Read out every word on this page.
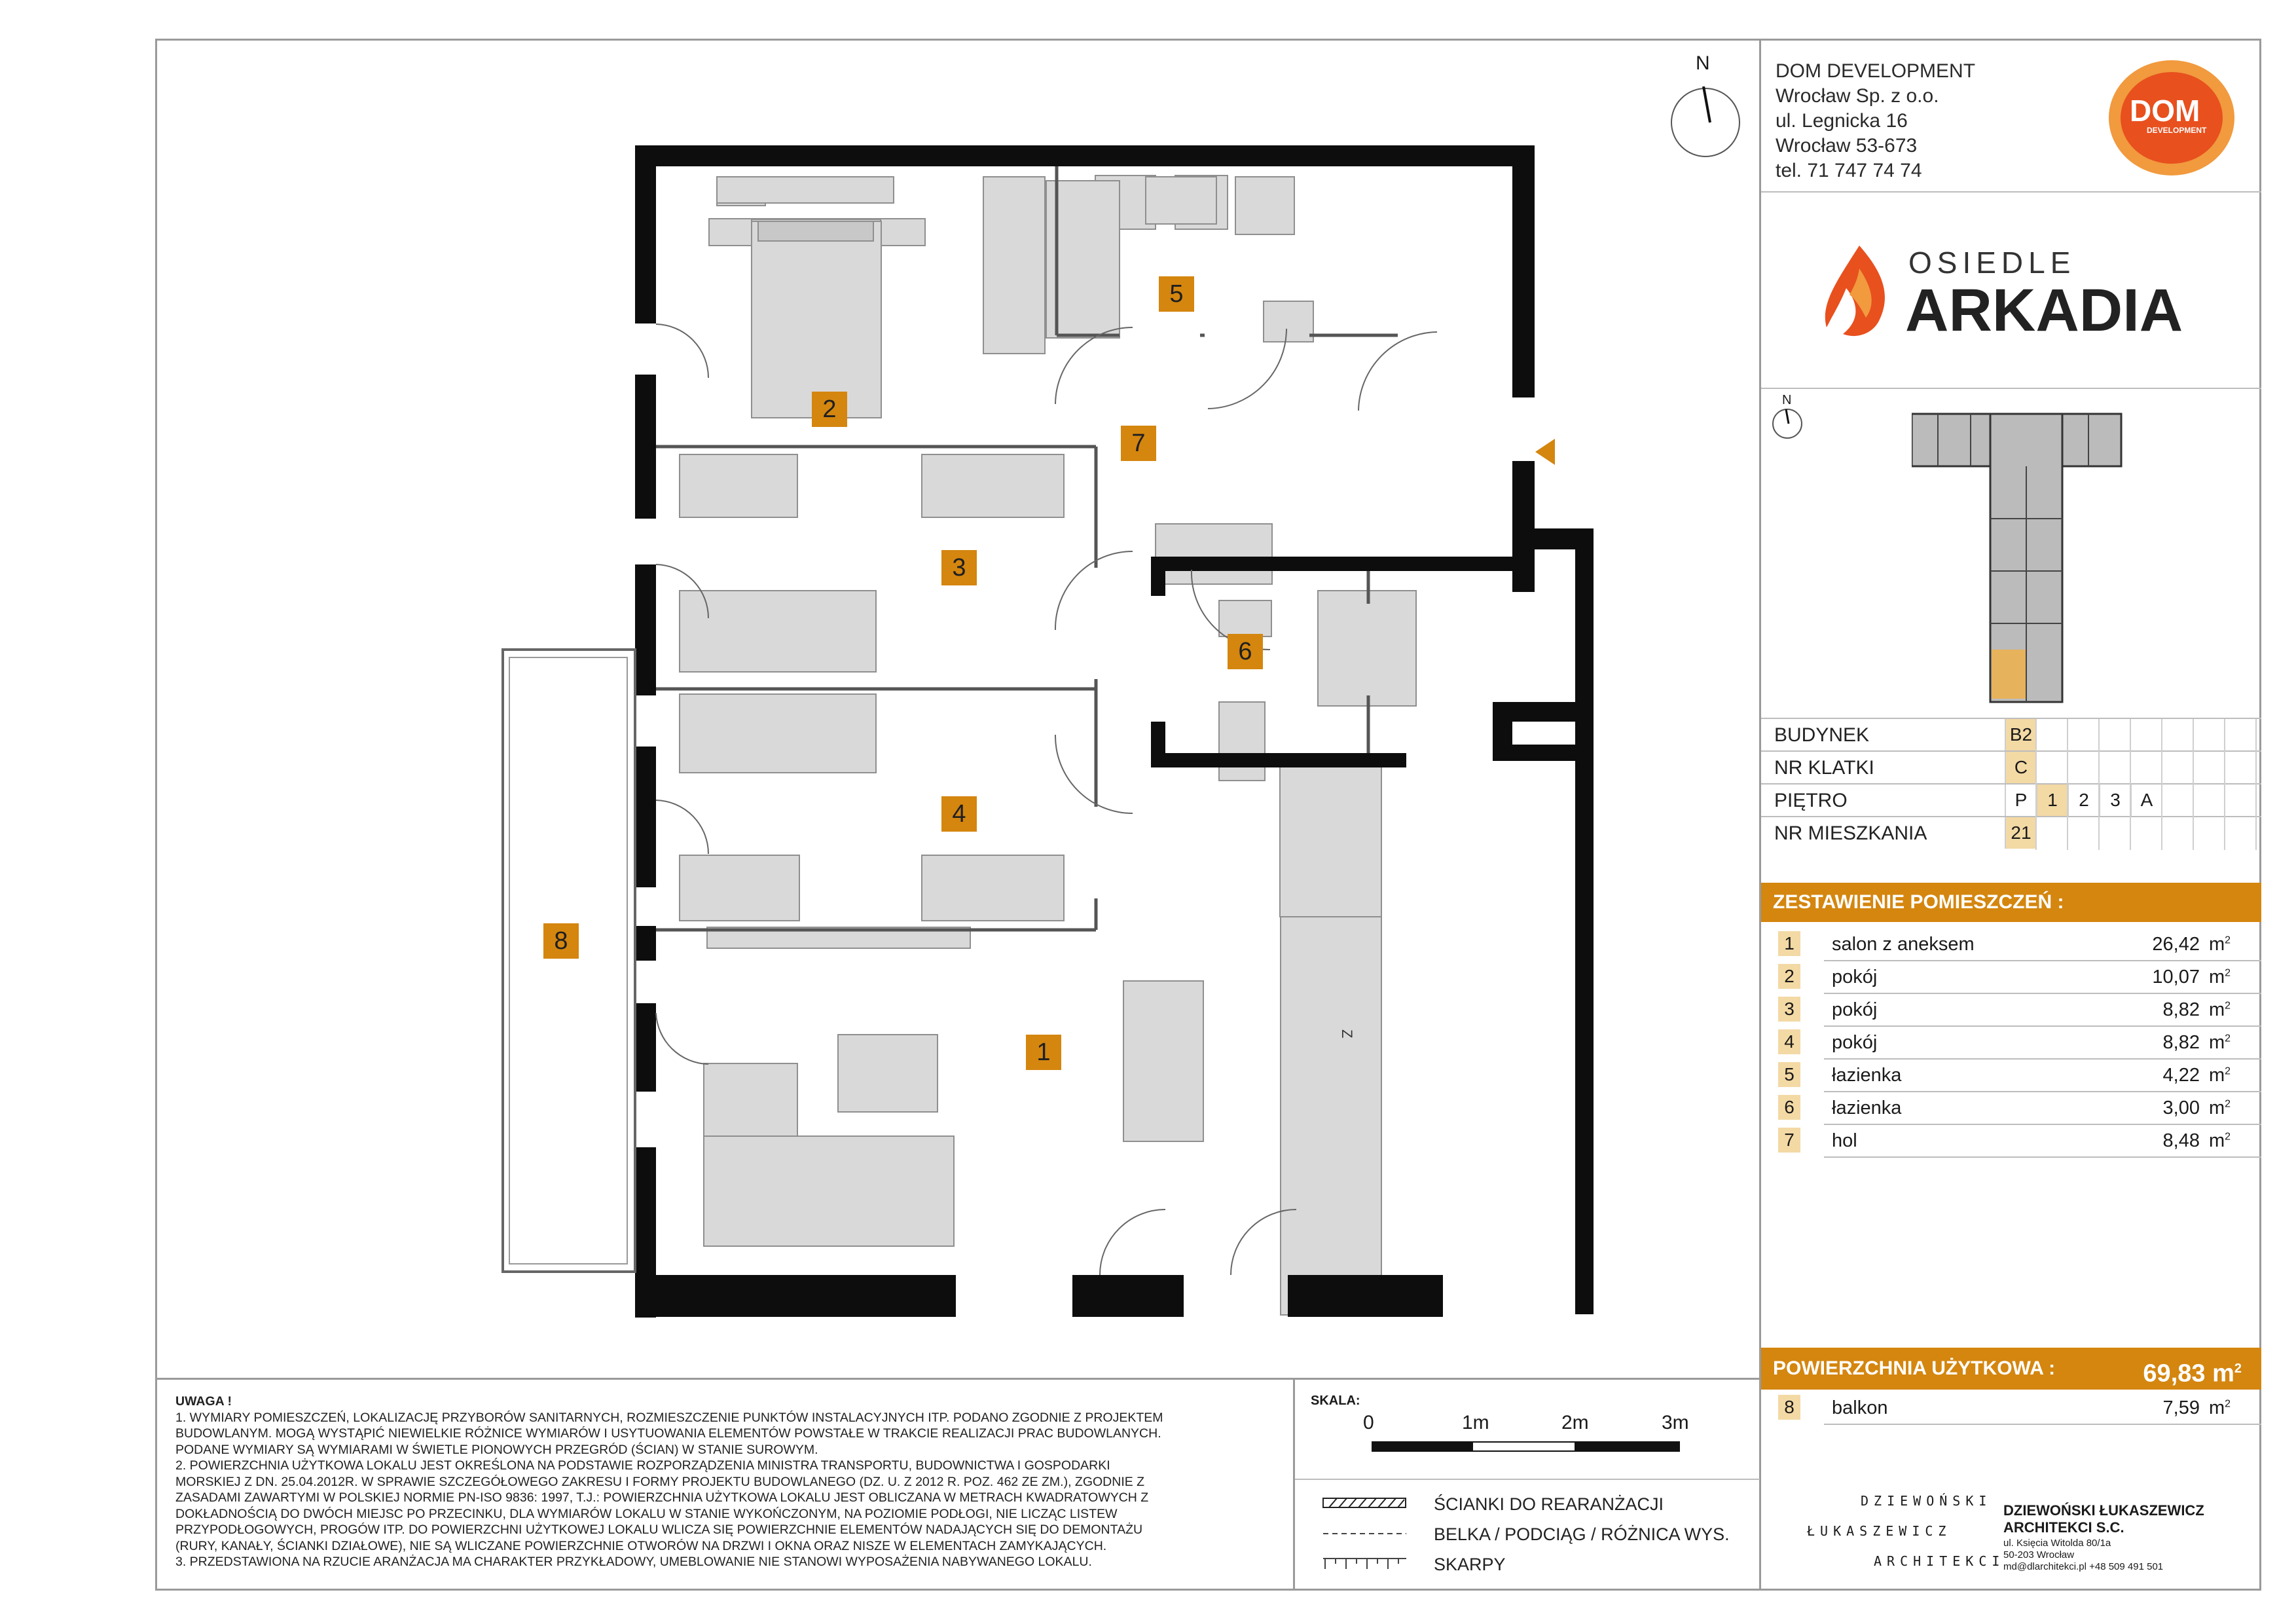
Z
1
2
3
4
5
6
7
8
N	DOM DEVELOPMENT
Wrocław Sp. z o.o.
ul. Legnicka 16
Wrocław 53-673
tel. 71 747 74 74
DOM
DEVELOPMENT
OSIEDLE
ARKADIA
N
BUDYNEK	B2
NR KLATKI	C
PIĘTRO	P	1	2	3	A
NR MIESZKANIA	21
ZESTAWIENIE POMIESZCZEŃ :
1	salon z aneksem	26,42 $m^2$
2	pokój	10,07 $m^2$
3	pokój	8,82 $m^2$
4	pokój	8,82 $m^2$
5	łazienka	4,22 $m^2$
6	łazienka	3,00 $m^2$
7	hol	8,48 $m^2$
POWIERZCHNIA UŻYTKOWA :	69,83 $m^2$
8	balkon	7,59 $m^2$
UWAGA !
1. WYMIARY POMIESZCZEŃ, LOKALIZACJĘ PRZYBORÓW SANITARNYCH, ROZMIESZCZENIE PUNKTÓW INSTALACYJNYCH ITP. PODANO ZGODNIE Z PROJEKTEM
BUDOWLANYM. MOGĄ WYSTĄPIĆ NIEWIELKIE RÓŻNICE WYMIARÓW I USYTUOWANIA ELEMENTÓW POWSTAŁE W TRAKCIE REALIZACJI PRAC BUDOWLANYCH.
PODANE WYMIARY SĄ WYMIARAMI W ŚWIETLE PIONOWYCH PRZEGRÓD (ŚCIAN) W STANIE SUROWYM.
2. POWIERZCHNIA UŻYTKOWA LOKALU JEST OKREŚLONA NA PODSTAWIE ROZPORZĄDZENIA MINISTRA TRANSPORTU, BUDOWNICTWA I GOSPODARKI
MORSKIEJ Z DN. 25.04.2012R. W SPRAWIE SZCZEGÓŁOWEGO ZAKRESU I FORMY PROJEKTU BUDOWLANEGO (DZ. U. Z 2012 R. POZ. 462 ZE ZM.), ZGODNIE Z
ZASADAMI ZAWARTYMI W POLSKIEJ NORMIE PN-ISO 9836: 1997, T.J.: POWIERZCHNIA UŻYTKOWA LOKALU JEST OBLICZANA W METRACH KWADRATOWYCH Z
DOKŁADNOŚCIĄ DO DWÓCH MIEJSC PO PRZECINKU, DLA WYMIARÓW LOKALU W STANIE WYKOŃCZONYM, NA POZIOMIE PODŁOGI, NIE LICZĄC LISTEW
PRZYPODŁOGOWYCH, PROGÓW ITP. DO POWIERZCHNI UŻYTKOWEJ LOKALU WLICZA SIĘ POWIERZCHNIE ELEMENTÓW NADAJĄCYCH SIĘ DO DEMONTAŻU
(RURY, KANAŁY, ŚCIANKI DZIAŁOWE), NIE SĄ WLICZANE POWIERZCHNIE OTWORÓW NA DRZWI I OKNA ORAZ NISZE W ELEMENTACH ZAMYKAJĄCYCH.
3. PRZEDSTAWIONA NA RZUCIE ARANŻACJA MA CHARAKTER PRZYKŁADOWY, UMEBLOWANIE NIE STANOWI WYPOSAŻENIA NABYWANEGO LOKALU.
SKALA:
0	1m	2m	3m
ŚCIANKI DO REARANŻACJI
BELKA / PODCIĄG / RÓŻNICA WYS.
SKARPY
DZIEWOŃSKI
ŁUKASZEWICZ
ARCHITEKCI
DZIEWOŃSKI ŁUKASZEWICZ
ARCHITEKCI S.C.
ul. Księcia Witolda 80/1a
50-203 Wrocław
md@dlarchitekci.pl +48 509 491 501
